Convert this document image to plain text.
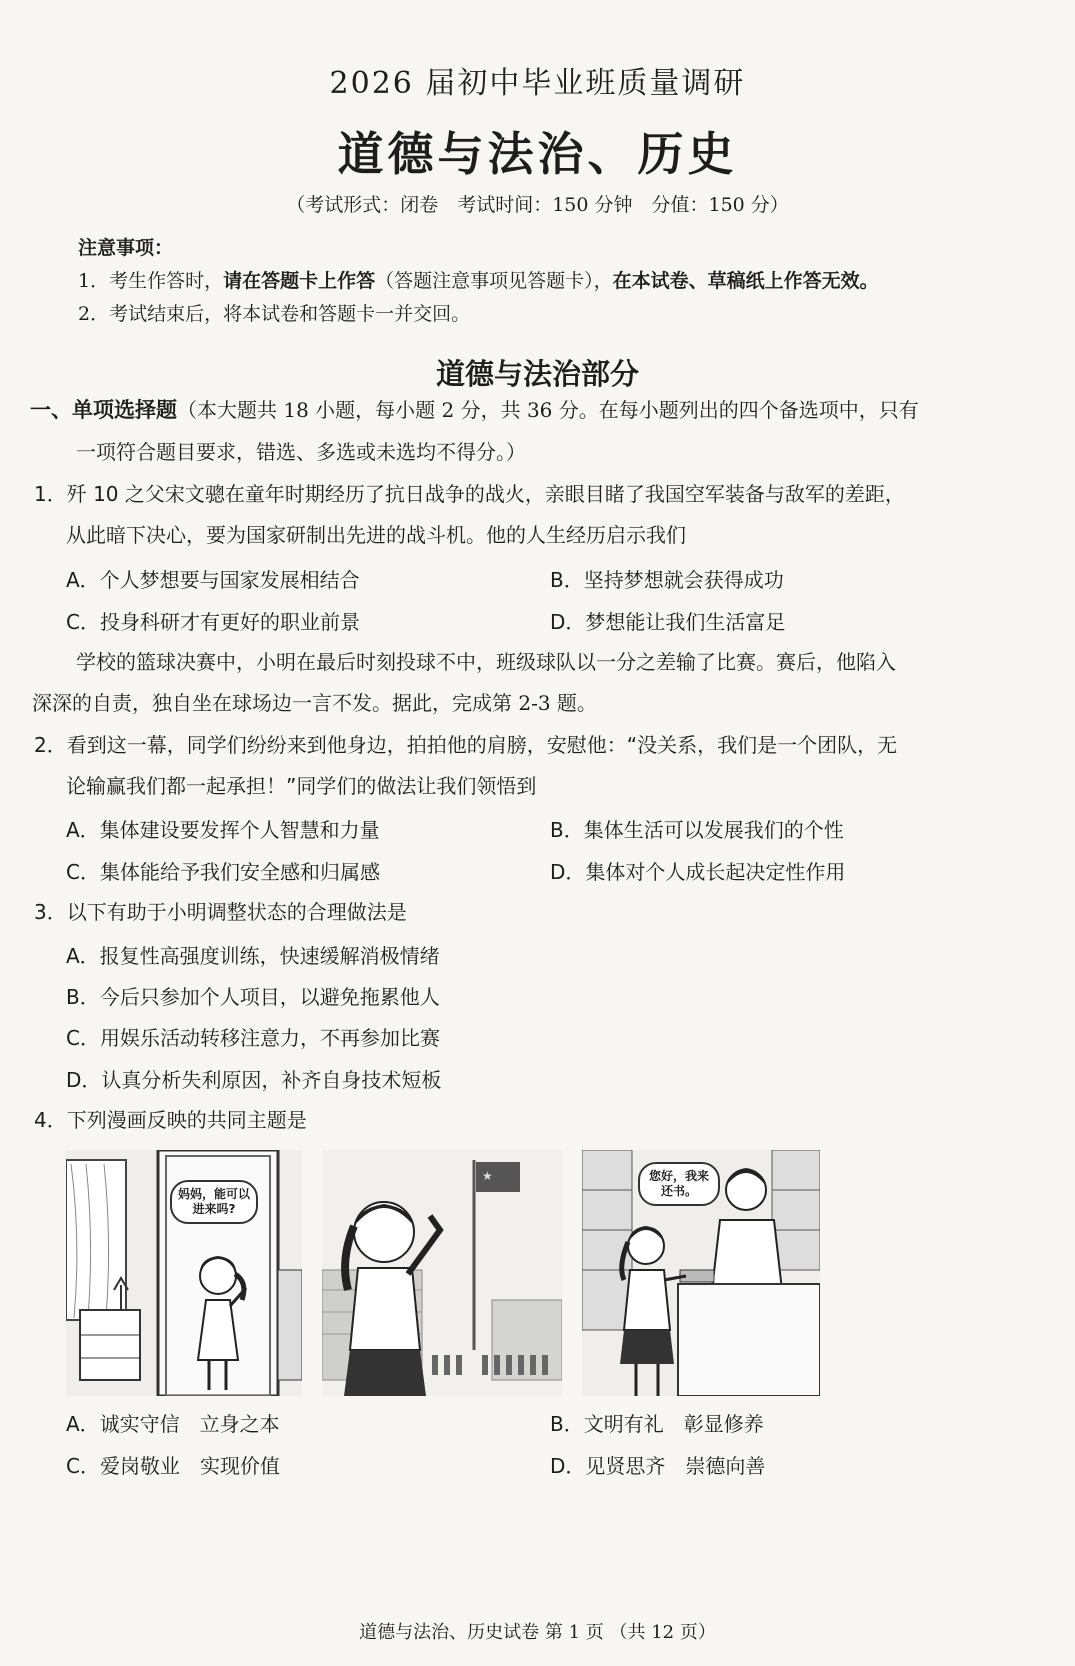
2026 届初中毕业班质量调研
道德与法治、历史
（考试形式：闭卷　考试时间：150 分钟　分值：150 分）
注意事项：
1．考生作答时，请在答题卡上作答（答题注意事项见答题卡），在本试卷、草稿纸上作答无效。
2．考试结束后，将本试卷和答题卡一并交回。
道德与法治部分
一、单项选择题（本大题共 18 小题，每小题 2 分，共 36 分。在每小题列出的四个备选项中，只有
一项符合题目要求，错选、多选或未选均不得分。）
1．歼 10 之父宋文骢在童年时期经历了抗日战争的战火，亲眼目睹了我国空军装备与敌军的差距，
从此暗下决心，要为国家研制出先进的战斗机。他的人生经历启示我们
A．个人梦想要与国家发展相结合	B．坚持梦想就会获得成功
C．投身科研才有更好的职业前景	D．梦想能让我们生活富足
学校的篮球决赛中，小明在最后时刻投球不中，班级球队以一分之差输了比赛。赛后，他陷入
深深的自责，独自坐在球场边一言不发。据此，完成第 2-3 题。
2．看到这一幕，同学们纷纷来到他身边，拍拍他的肩膀，安慰他：“没关系，我们是一个团队，无
论输赢我们都一起承担！”同学们的做法让我们领悟到
A．集体建设要发挥个人智慧和力量	B．集体生活可以发展我们的个性
C．集体能给予我们安全感和归属感	D．集体对个人成长起决定性作用
3．以下有助于小明调整状态的合理做法是
A．报复性高强度训练，快速缓解消极情绪
B．今后只参加个人项目，以避免拖累他人
C．用娱乐活动转移注意力，不再参加比赛
D．认真分析失利原因，补齐自身技术短板
4．下列漫画反映的共同主题是
妈妈，能可以进来吗?
★	您好，我来还书。
A．诚实守信　立身之本	B．文明有礼　彰显修养
C．爱岗敬业　实现价值	D．见贤思齐　崇德向善
道德与法治、历史试卷 第 1 页 （共 12 页）
